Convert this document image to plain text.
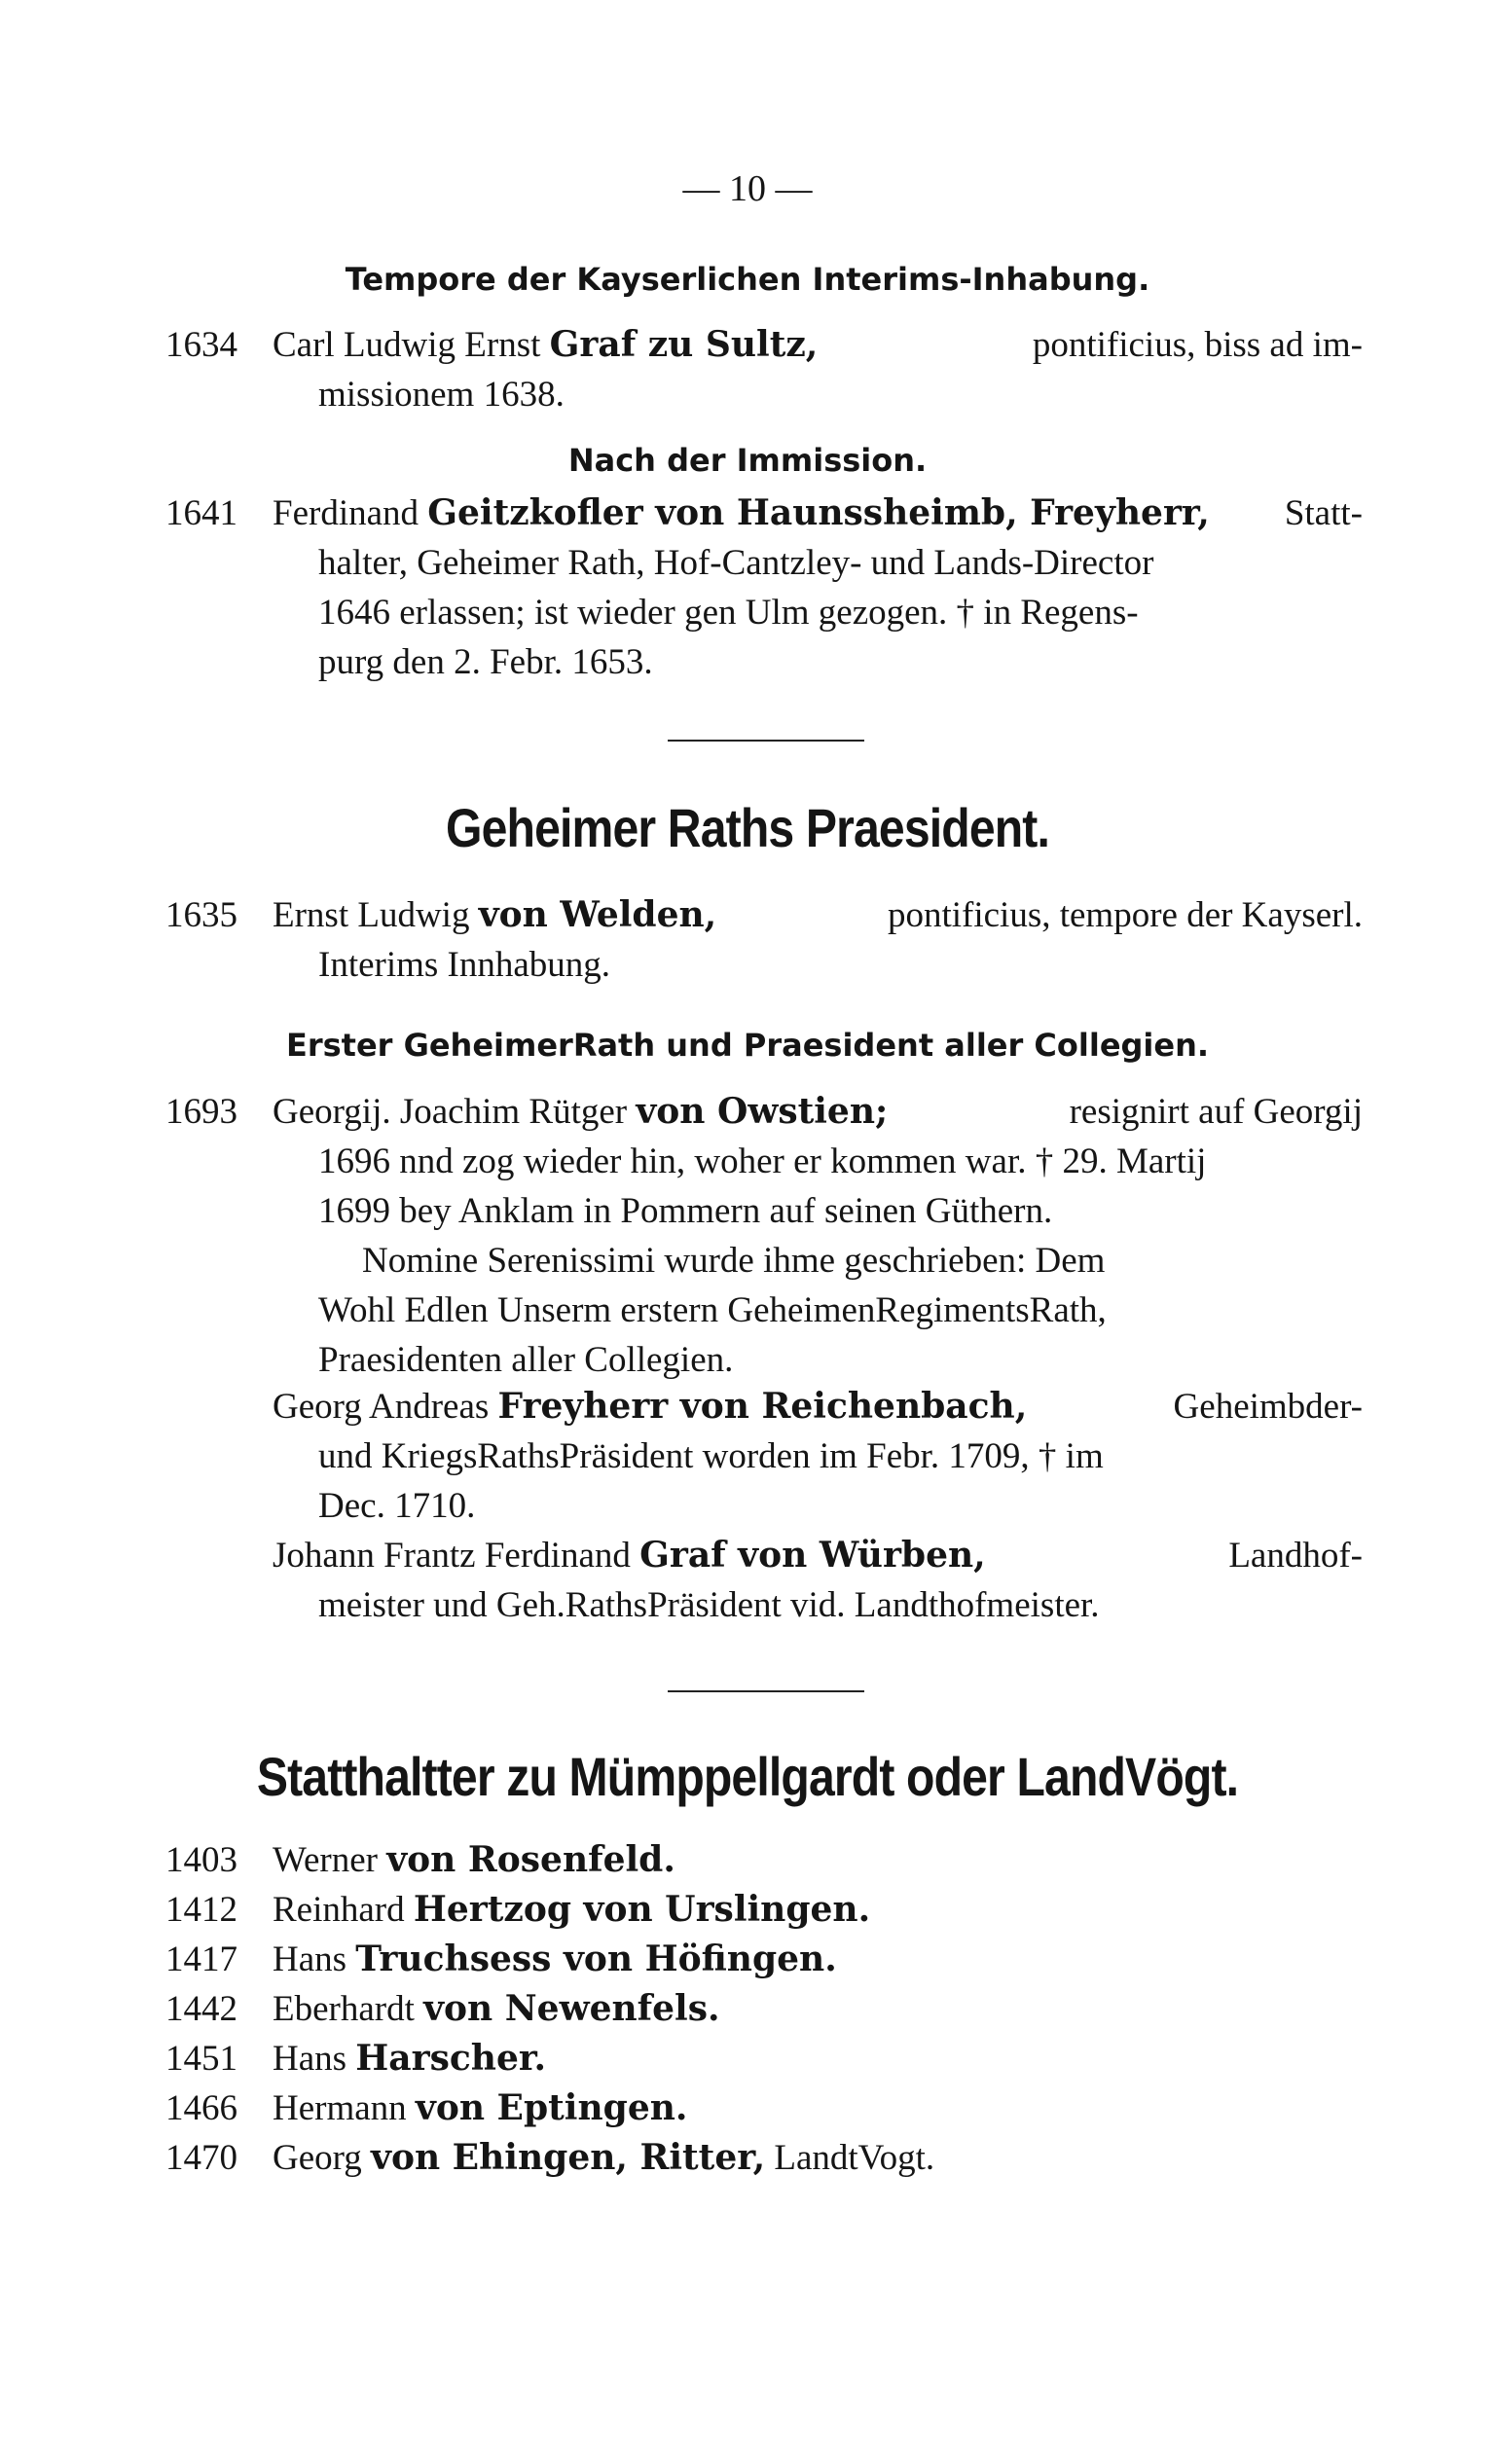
— 10 —
Tempore der Kayserlichen Interims-Inhabung.
1634 Carl Ludwig Ernst Graf zu Sultz,	pontificius, biss ad im-
missionem 1638.
Nach der Immission.
1641 Ferdinand Geitzkofler von Haunssheimb, Freyherr, Statt-
halter, Geheimer Rath, Hof-Cantzley- und Lands-Director
1646 erlassen; ist wieder gen Ulm gezogen. † in Regens-
purg den 2. Febr. 1653.
Geheimer Raths Praesident.
1635 Ernst Ludwig von Welden,	pontificius, tempore der Kayserl.
Interims Innhabung.
Erster GeheimerRath und Praesident aller Collegien.
1693 Georgij. Joachim Rütger von Owstien;	resignirt auf Georgij
1696 nnd zog wieder hin, woher er kommen war. † 29. Martij
1699 bey Anklam in Pommern auf seinen Güthern.
Nomine Serenissimi wurde ihme geschrieben: Dem
Wohl Edlen Unserm erstern GeheimenRegimentsRath,
Praesidenten aller Collegien.
Georg Andreas Freyherr von Reichenbach,	Geheimbder-
und KriegsRathsPräsident worden im Febr. 1709, † im
Dec. 1710.
Johann Frantz Ferdinand Graf von Würben,	Landhof-
meister und Geh.RathsPräsident vid. Landthofmeister.
Statthaltter zu Mümppellgardt oder LandVögt.
1403 Werner von Rosenfeld.
1412 Reinhard Hertzog von Urslingen.
1417 Hans Truchsess von Höfingen.
1442 Eberhardt von Newenfels.
1451 Hans Harscher.
1466 Hermann von Eptingen.
1470 Georg von Ehingen, Ritter, LandtVogt.
